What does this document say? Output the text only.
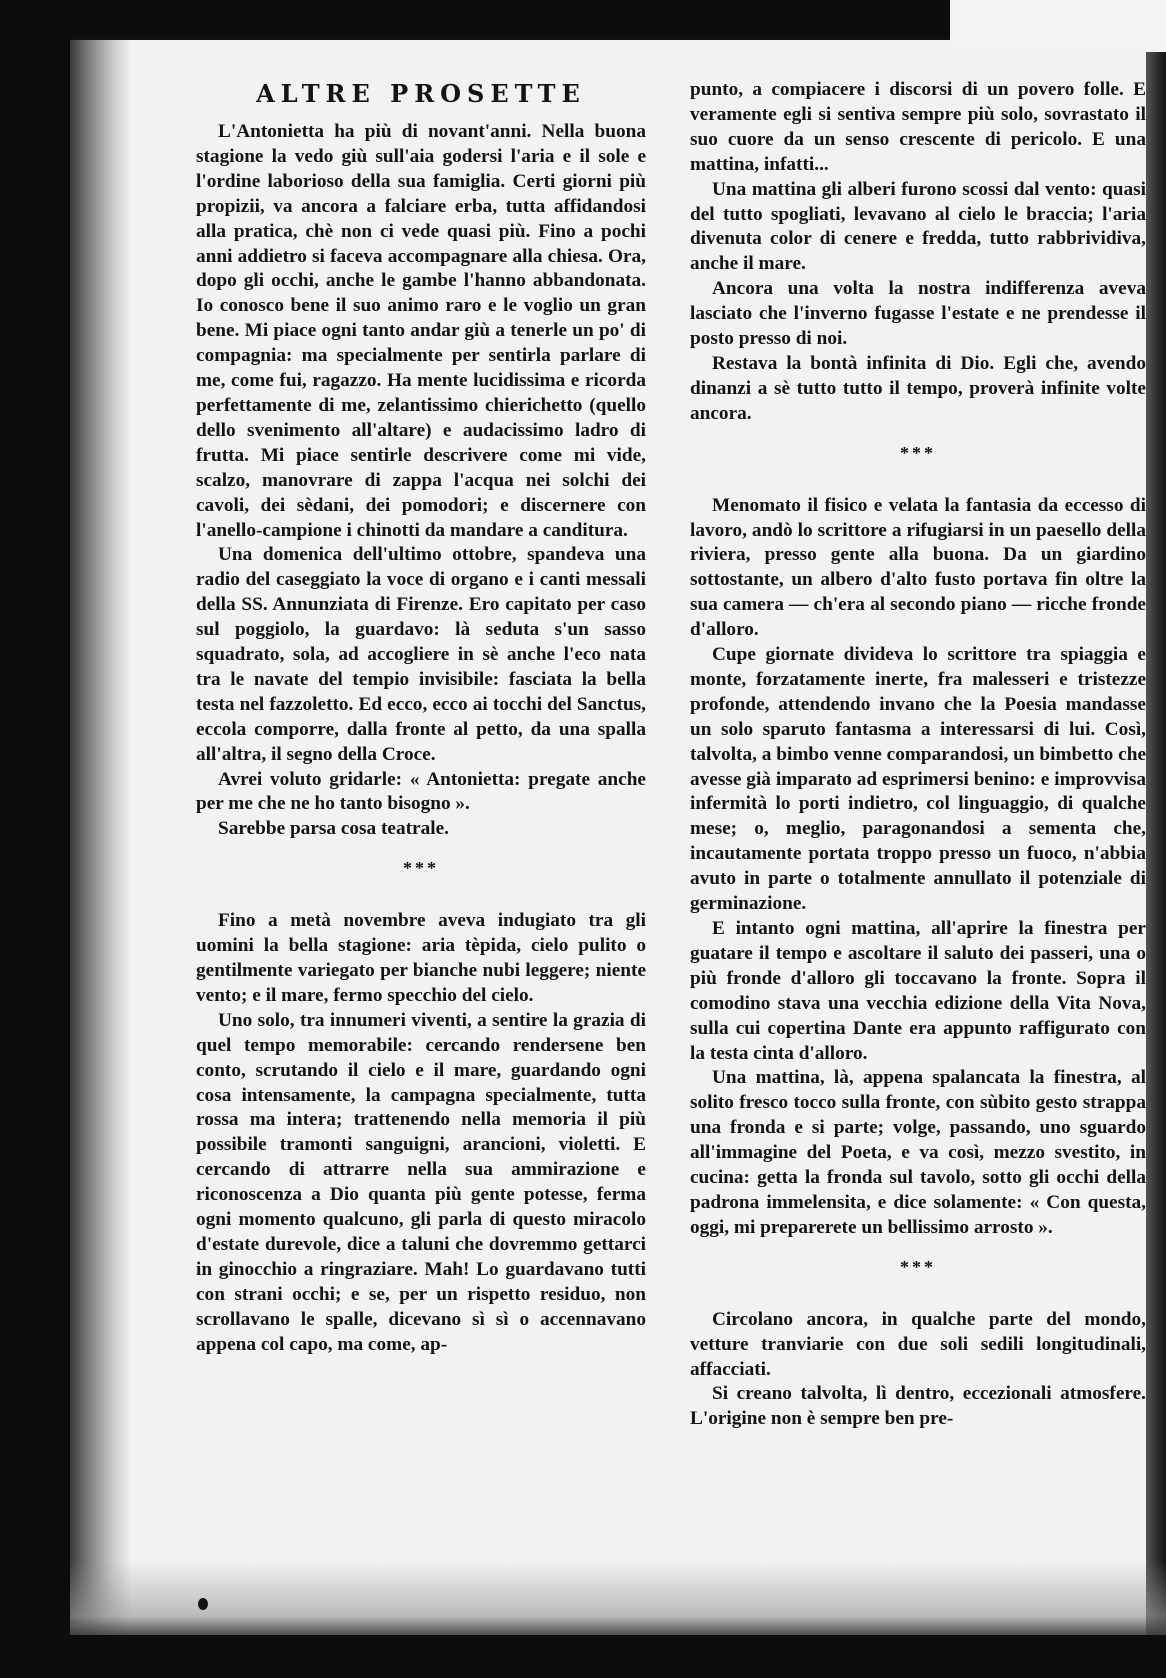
ALTRE PROSETTE

L'Antonietta ha più di novant'anni. Nella buona stagione la vedo giù sull'aia godersi l'aria e il sole e l'ordine laborioso della sua famiglia. Certi giorni più propizii, va ancora a falciare erba, tutta affidandosi alla pratica, chè non ci vede quasi più. Fino a pochi anni addietro si faceva accompagnare alla chiesa. Ora, dopo gli occhi, anche le gambe l'hanno abbandonata. Io conosco bene il suo animo raro e le voglio un gran bene. Mi piace ogni tanto andar giù a tenerle un po' di compagnia: ma specialmente per sentirla parlare di me, come fui, ragazzo. Ha mente lucidissima e ricorda perfettamente di me, zelantissimo chierichetto (quello dello svenimento all'altare) e audacissimo ladro di frutta. Mi piace sentirle descrivere come mi vide, scalzo, manovrare di zappa l'acqua nei solchi dei cavoli, dei sèdani, dei pomodori; e discernere con l'anello-campione i chinotti da mandare a canditura.

Una domenica dell'ultimo ottobre, spandeva una radio del caseggiato la voce di organo e i canti messali della SS. Annunziata di Firenze. Ero capitato per caso sul poggiolo, la guardavo: là seduta s'un sasso squadrato, sola, ad accogliere in sè anche l'eco nata tra le navate del tempio invisibile: fasciata la bella testa nel fazzoletto. Ed ecco, ecco ai tocchi del Sanctus, eccola comporre, dalla fronte al petto, da una spalla all'altra, il segno della Croce.

Avrei voluto gridarle: « Antonietta: pregate anche per me che ne ho tanto bisogno ».

Sarebbe parsa cosa teatrale.

***

Fino a metà novembre aveva indugiato tra gli uomini la bella stagione: aria tèpida, cielo pulito o gentilmente variegato per bianche nubi leggere; niente vento; e il mare, fermo specchio del cielo.

Uno solo, tra innumeri viventi, a sentire la grazia di quel tempo memorabile: cercando rendersene ben conto, scrutando il cielo e il mare, guardando ogni cosa intensamente, la campagna specialmente, tutta rossa ma intera; trattenendo nella memoria il più possibile tramonti sanguigni, arancioni, violetti. E cercando di attrarre nella sua ammirazione e riconoscenza a Dio quanta più gente potesse, ferma ogni momento qualcuno, gli parla di questo miracolo d'estate durevole, dice a taluni che dovremmo gettarci in ginocchio a ringraziare. Mah! Lo guardavano tutti con strani occhi; e se, per un rispetto residuo, non scrollavano le spalle, dicevano sì sì o accennavano appena col capo, ma come, ap-

punto, a compiacere i discorsi di un povero folle. E veramente egli si sentiva sempre più solo, sovrastato il suo cuore da un senso crescente di pericolo. E una mattina, infatti...

Una mattina gli alberi furono scossi dal vento: quasi del tutto spogliati, levavano al cielo le braccia; l'aria divenuta color di cenere e fredda, tutto rabbrividiva, anche il mare.

Ancora una volta la nostra indifferenza aveva lasciato che l'inverno fugasse l'estate e ne prendesse il posto presso di noi.

Restava la bontà infinita di Dio. Egli che, avendo dinanzi a sè tutto tutto il tempo, proverà infinite volte ancora.

***

Menomato il fisico e velata la fantasia da eccesso di lavoro, andò lo scrittore a rifugiarsi in un paesello della riviera, presso gente alla buona. Da un giardino sottostante, un albero d'alto fusto portava fin oltre la sua camera — ch'era al secondo piano — ricche fronde d'alloro.

Cupe giornate divideva lo scrittore tra spiaggia e monte, forzatamente inerte, fra malesseri e tristezze profonde, attendendo invano che la Poesia mandasse un solo sparuto fantasma a interessarsi di lui. Così, talvolta, a bimbo venne comparandosi, un bimbetto che avesse già imparato ad esprimersi benino: e improvvisa infermità lo porti indietro, col linguaggio, di qualche mese; o, meglio, paragonandosi a sementa che, incautamente portata troppo presso un fuoco, n'abbia avuto in parte o totalmente annullato il potenziale di germinazione.

E intanto ogni mattina, all'aprire la finestra per guatare il tempo e ascoltare il saluto dei passeri, una o più fronde d'alloro gli toccavano la fronte. Sopra il comodino stava una vecchia edizione della Vita Nova, sulla cui copertina Dante era appunto raffigurato con la testa cinta d'alloro.

Una mattina, là, appena spalancata la finestra, al solito fresco tocco sulla fronte, con sùbito gesto strappa una fronda e si parte; volge, passando, uno sguardo all'immagine del Poeta, e va così, mezzo svestito, in cucina: getta la fronda sul tavolo, sotto gli occhi della padrona immelensita, e dice solamente: « Con questa, oggi, mi preparerete un bellissimo arrosto ».

***

Circolano ancora, in qualche parte del mondo, vetture tranviarie con due soli sedili longitudinali, affacciati.

Si creano talvolta, lì dentro, eccezionali atmosfere. L'origine non è sempre ben pre-
